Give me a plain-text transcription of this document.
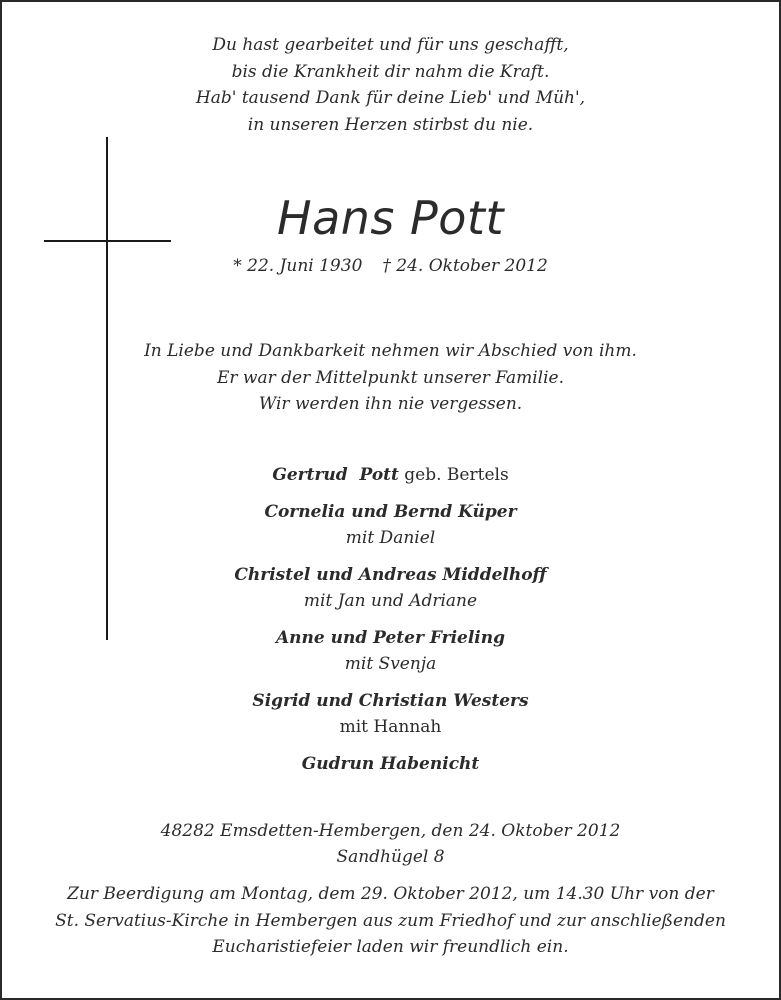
Du hast gearbeitet und für uns geschafft,
bis die Krankheit dir nahm die Kraft.
Hab' tausend Dank für deine Lieb' und Müh',
in unseren Herzen stirbst du nie.
Hans Pott
* 22. Juni 1930 † 24. Oktober 2012
In Liebe und Dankbarkeit nehmen wir Abschied von ihm.
Er war der Mittelpunkt unserer Familie.
Wir werden ihn nie vergessen.
Gertrud  Pott geb. Bertels
Cornelia und Bernd Küper
mit Daniel
Christel und Andreas Middelhoff
mit Jan und Adriane
Anne und Peter Frieling
mit Svenja
Sigrid und Christian Westers
mit Hannah
Gudrun Habenicht
48282 Emsdetten-Hembergen, den 24. Oktober 2012
Sandhügel 8
Zur Beerdigung am Montag, dem 29. Oktober 2012, um 14.30 Uhr von der
St. Servatius-Kirche in Hembergen aus zum Friedhof und zur anschließenden
Eucharistiefeier laden wir freundlich ein.
